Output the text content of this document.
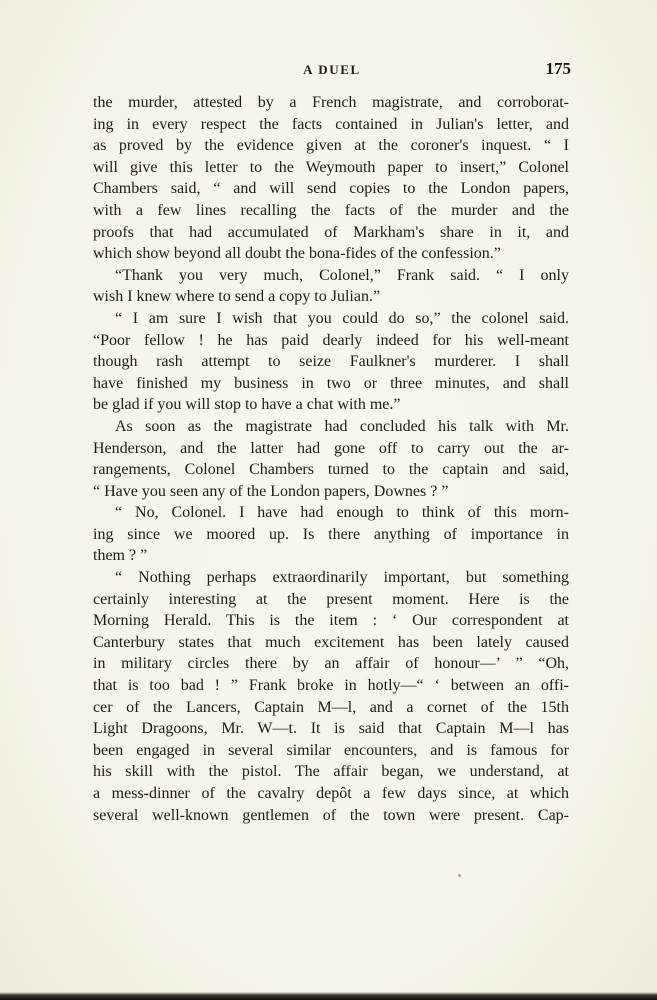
A DUEL	175
the murder, attested by a French magistrate, and corroborat-
ing in every respect the facts contained in Julian's letter, and
as proved by the evidence given at the coroner's inquest. “ I
will give this letter to the Weymouth paper to insert,” Colonel
Chambers said, “ and will send copies to the London papers,
with a few lines recalling the facts of the murder and the
proofs that had accumulated of Markham's share in it, and
which show beyond all doubt the bona-fides of the confession.”
“Thank you very much, Colonel,” Frank said. “ I only
wish I knew where to send a copy to Julian.”
“ I am sure I wish that you could do so,” the colonel said.
“Poor fellow ! he has paid dearly indeed for his well-meant
though rash attempt to seize Faulkner's murderer. I shall
have finished my business in two or three minutes, and shall
be glad if you will stop to have a chat with me.”
As soon as the magistrate had concluded his talk with Mr.
Henderson, and the latter had gone off to carry out the ar-
rangements, Colonel Chambers turned to the captain and said,
“ Have you seen any of the London papers, Downes ? ”
“ No, Colonel. I have had enough to think of this morn-
ing since we moored up. Is there anything of importance in
them ? ”
“ Nothing perhaps extraordinarily important, but something
certainly interesting at the present moment. Here is the
Morning Herald. This is the item : ‘ Our correspondent at
Canterbury states that much excitement has been lately caused
in military circles there by an affair of honour—’ ” “Oh,
that is too bad ! ” Frank broke in hotly—“ ‘ between an offi-
cer of the Lancers, Captain M—l, and a cornet of the 15th
Light Dragoons, Mr. W—t. It is said that Captain M—l has
been engaged in several similar encounters, and is famous for
his skill with the pistol. The affair began, we understand, at
a mess-dinner of the cavalry depôt a few days since, at which
several well-known gentlemen of the town were present. Cap-
